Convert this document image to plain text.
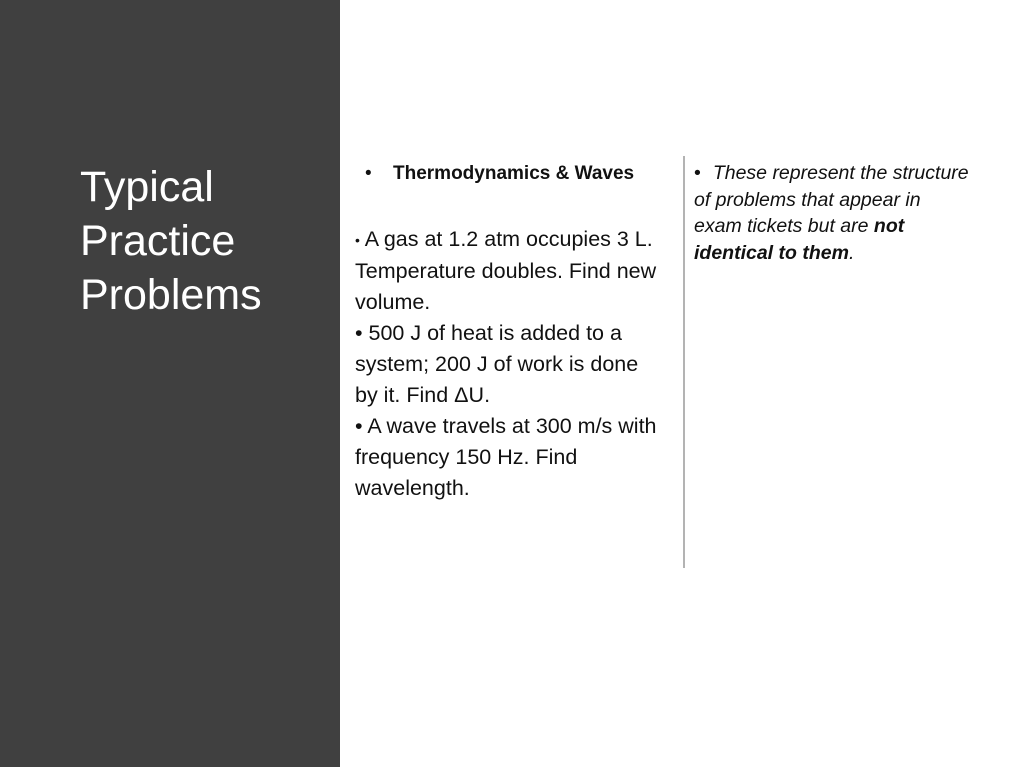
Typical
Practice
Problems
•	Thermodynamics & Waves
• A gas at 1.2 atm occupies 3 L. Temperature doubles. Find new volume.
• 500 J of heat is added to a system; 200 J of work is done by it. Find ΔU.
• A wave travels at 300 m/s with frequency 150 Hz. Find wavelength.
• These represent the structure of problems that appear in exam tickets but are not identical to them.
